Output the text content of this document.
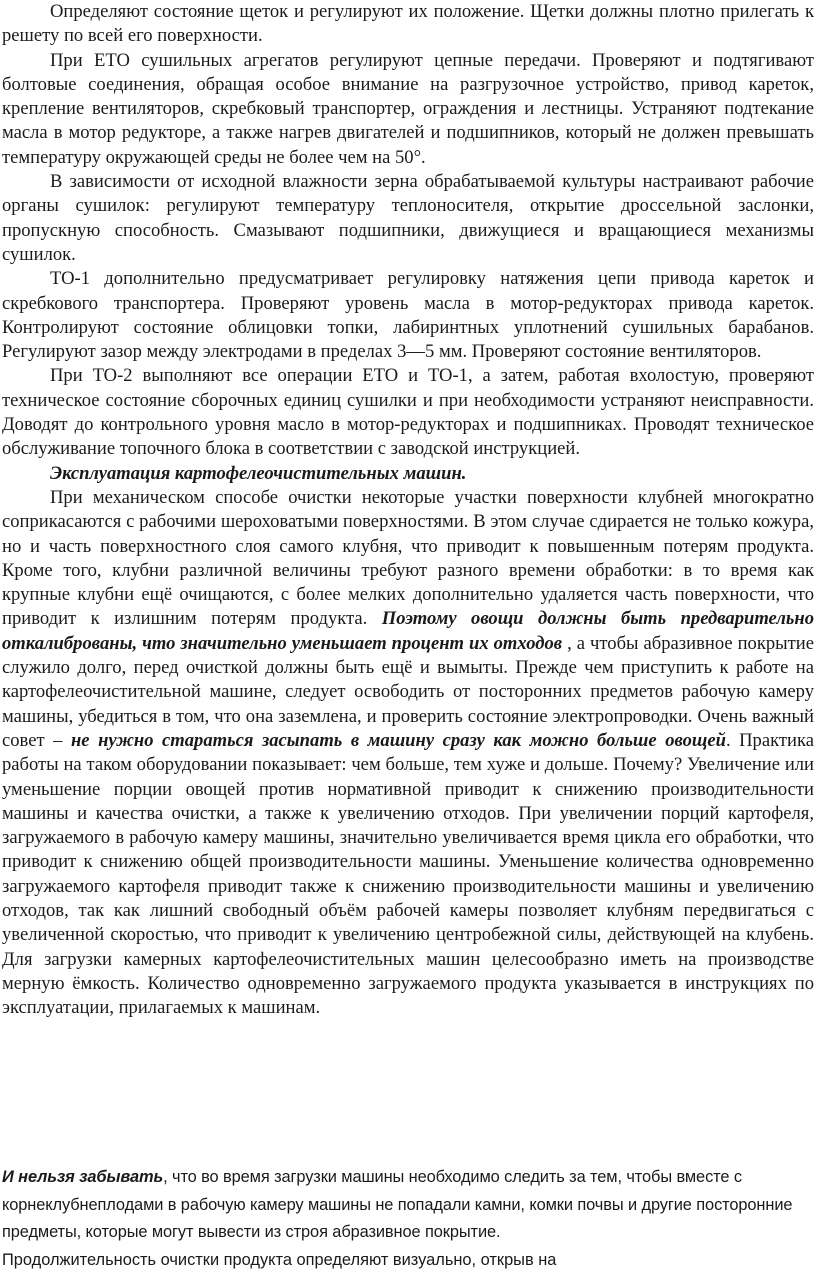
Определяют состояние щеток и регулируют их положение. Щетки должны плотно прилегать к решету по всей его поверхности.

При ЕТО сушильных агрегатов регулируют цепные передачи. Проверяют и подтягивают болтовые соединения, обращая особое внимание на разгрузочное устройство, привод кареток, крепление вентиляторов, скребковый транспортер, ограждения и лестницы. Устраняют подтекание масла в мотор редукторе, а также нагрев двигателей и подшипников, который не должен превышать температуру окружающей среды не более чем на 50°.

В зависимости от исходной влажности зерна обрабатываемой культуры настраивают рабочие органы сушилок: регулируют температуру теплоносителя, открытие дроссельной заслонки, пропускную способность. Смазывают подшипники, движущиеся и вращающиеся механизмы сушилок.

ТО-1 дополнительно предусматривает регулировку натяжения цепи привода кареток и скребкового транспортера. Проверяют уровень масла в мотор-редукторах привода кареток. Контролируют состояние облицовки топки, лабиринтных уплотнений сушильных барабанов. Регулируют зазор между электродами в пределах 3—5 мм. Проверяют состояние вентиляторов.

При ТО-2 выполняют все операции ЕТО и ТО-1, а затем, работая вхолостую, проверяют техническое состояние сборочных единиц сушилки и при необходимости устраняют неисправности. Доводят до контрольного уровня масло в мотор-редукторах и подшипниках. Проводят техническое обслуживание топочного блока в соответствии с заводской инструкцией.

Эксплуатация картофелеочистительных машин.

При механическом способе очистки некоторые участки поверхности клубней многократно соприкасаются с рабочими шероховатыми поверхностями. В этом случае сдирается не только кожура, но и часть поверхностного слоя самого клубня, что приводит к повышенным потерям продукта. Кроме того, клубни различной величины требуют разного времени обработки: в то время как крупные клубни ещё очищаются, с более мелких дополнительно удаляется часть поверхности, что приводит к излишним потерям продукта. Поэтому овощи должны быть предварительно откалиброваны, что значительно уменьшает процент их отходов , а чтобы абразивное покрытие служило долго, перед очисткой должны быть ещё и вымыты. Прежде чем приступить к работе на картофелеочистительной машине, следует освободить от посторонних предметов рабочую камеру машины, убедиться в том, что она заземлена, и проверить состояние электропроводки. Очень важный совет – не нужно стараться засыпать в машину сразу как можно больше овощей. Практика работы на таком оборудовании показывает: чем больше, тем хуже и дольше. Почему? Увеличение или уменьшение порции овощей против нормативной приводит к снижению производительности машины и качества очистки, а также к увеличению отходов. При увеличении порций картофеля, загружаемого в рабочую камеру машины, значительно увеличивается время цикла его обработки, что приводит к снижению общей производительности машины. Уменьшение количества одновременно загружаемого картофеля приводит также к снижению производительности машины и увеличению отходов, так как лишний свободный объём рабочей камеры позволяет клубням передвигаться с увеличенной скоростью, что приводит к увеличению центробежной силы, действующей на клубень. Для загрузки камерных картофелеочистительных машин целесообразно иметь на производстве мерную ёмкость. Количество одновременно загружаемого продукта указывается в инструкциях по эксплуатации, прилагаемых к машинам.

И нельзя забывать, что во время загрузки машины необходимо следить за тем, чтобы вместе с корнеклубнеплодами в рабочую камеру машины не попадали камни, комки почвы и другие посторонние предметы, которые могут вывести из строя абразивное покрытие.

Продолжительность очистки продукта определяют визуально, открыв на
